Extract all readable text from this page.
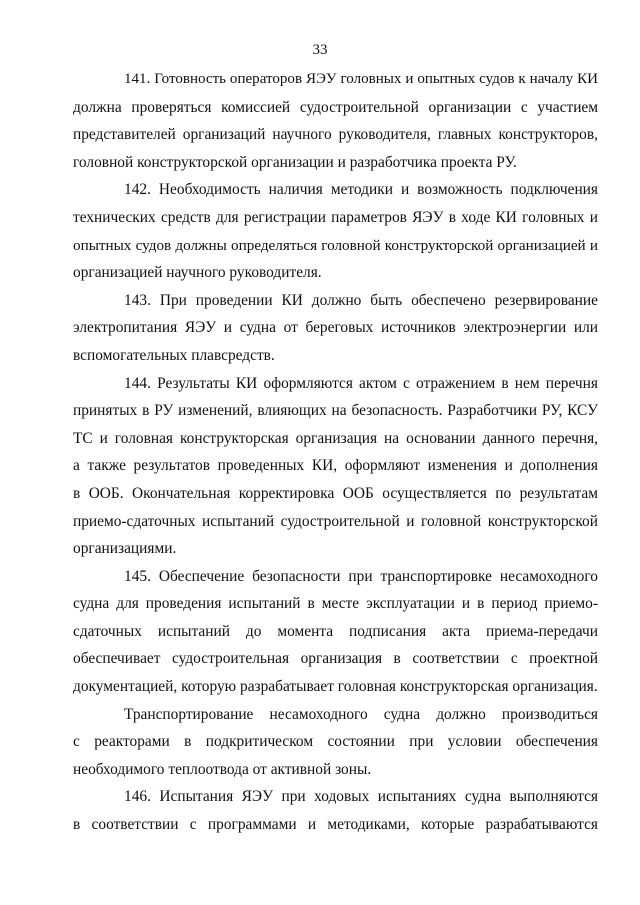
33

141. Готовность операторов ЯЭУ головных и опытных судов к началу КИ
должна проверяться комиссией судостроительной организации с участием
представителей организаций научного руководителя, главных конструкторов,
головной конструкторской организации и разработчика проекта РУ.

142. Необходимость наличия методики и возможность подключения
технических средств для регистрации параметров ЯЭУ в ходе КИ головных и
опытных судов должны определяться головной конструкторской организацией и
организацией научного руководителя.

143. При проведении КИ должно быть обеспечено резервирование
электропитания ЯЭУ и судна от береговых источников электроэнергии или
вспомогательных плавсредств.

144. Результаты КИ оформляются актом с отражением в нем перечня
принятых в РУ изменений, влияющих на безопасность. Разработчики РУ, КСУ
ТС и головная конструкторская организация на основании данного перечня,
а также результатов проведенных КИ, оформляют изменения и дополнения
в ООБ. Окончательная корректировка ООБ осуществляется по результатам
приемо-сдаточных испытаний судостроительной и головной конструкторской
организациями.

145. Обеспечение безопасности при транспортировке несамоходного
судна для проведения испытаний в месте эксплуатации и в период приемо-
сдаточных испытаний до момента подписания акта приема-передачи
обеспечивает судостроительная организация в соответствии с проектной
документацией, которую разрабатывает головная конструкторская организация.

Транспортирование несамоходного судна должно производиться
с реакторами в подкритическом состоянии при условии обеспечения
необходимого теплоотвода от активной зоны.

146. Испытания ЯЭУ при ходовых испытаниях судна выполняются
в соответствии с программами и методиками, которые разрабатываются
